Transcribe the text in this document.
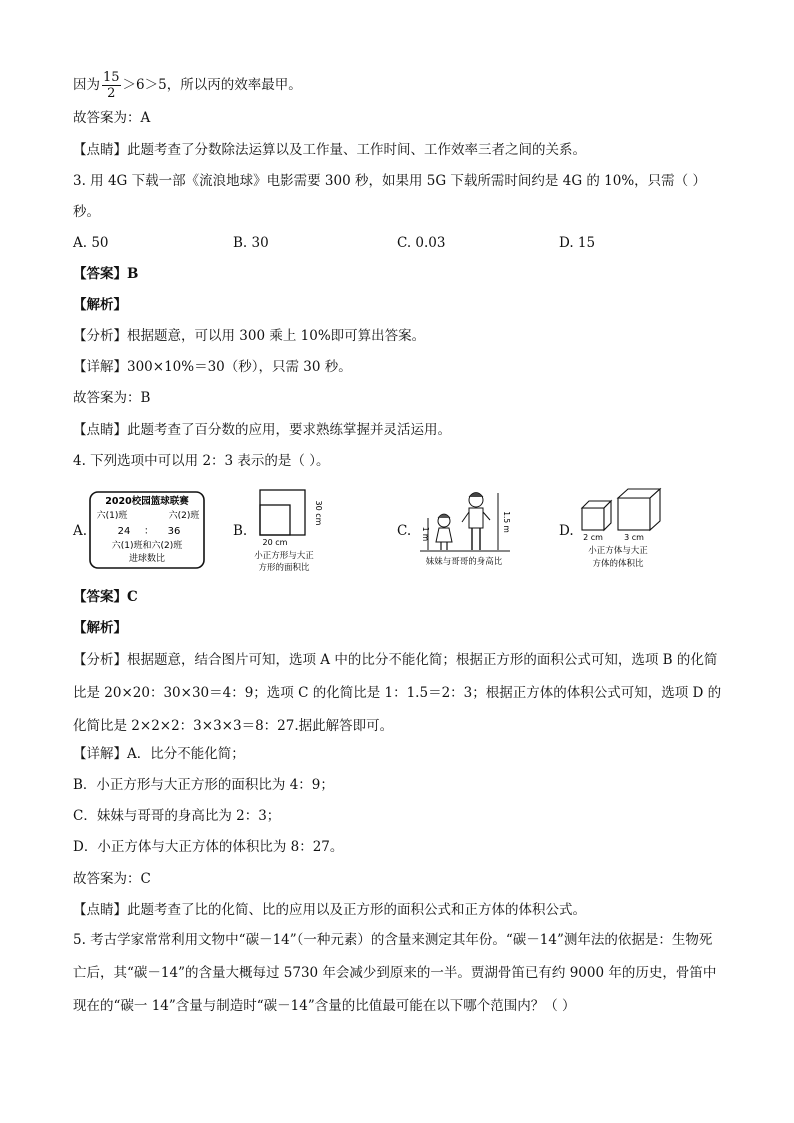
因为 $\frac{15}{2} >6>5$，所以丙的效率最甲。
故答案为：A
【点睛】此题考查了分数除法运算以及工作量、工作时间、工作效率三者之间的关系。
3. 用 4G 下载一部《流浪地球》电影需要 300 秒，如果用 5G 下载所需时间约是 4G 的 10%，只需（ ）
秒。
A. 50	B. 30	C. 0.03	D. 15
【答案】B
【解析】
【分析】根据题意，可以用 300 乘上 10%即可算出答案。
【详解】300×10%＝30（秒），只需 30 秒。
故答案为：B
【点睛】此题考查了百分数的应用，要求熟练掌握并灵活运用。
4. 下列选项中可以用 2：3 表示的是（ ）。
A.	B.	C.	D.
2020校园篮球联赛
六(1)班	六(2)班
24 ： 36
六(1)班和六(2)班
进球数比
30 cm
20 cm
小正方形与大正
方形的面积比
1 m
1.5 m
妹妹与哥哥的身高比
2 cm	3 cm
小正方体与大正
方体的体积比
【答案】C
【解析】
【分析】根据题意，结合图片可知，选项 A 中的比分不能化简；根据正方形的面积公式可知，选项 B 的化简比是 20×20：30×30＝4：9；选项 C 的化简比是 1：1.5＝2：3；根据正方体的体积公式可知，选项 D 的化简比是 2×2×2：3×3×3＝8：27.据此解答即可。
【详解】A．比分不能化简；
B．小正方形与大正方形的面积比为 4：9；
C．妹妹与哥哥的身高比为 2：3；
D．小正方体与大正方体的体积比为 8：27。
故答案为：C
【点睛】此题考查了比的化简、比的应用以及正方形的面积公式和正方体的体积公式。
5. 考古学家常常利用文物中“碳－14”（一种元素）的含量来测定其年份。“碳－14”测年法的依据是：生物死亡后，其“碳－14”的含量大概每过 5730 年会减少到原来的一半。贾湖骨笛已有约 9000 年的历史，骨笛中现在的“碳一 14”含量与制造时“碳－14”含量的比值最可能在以下哪个范围内？（ ）
